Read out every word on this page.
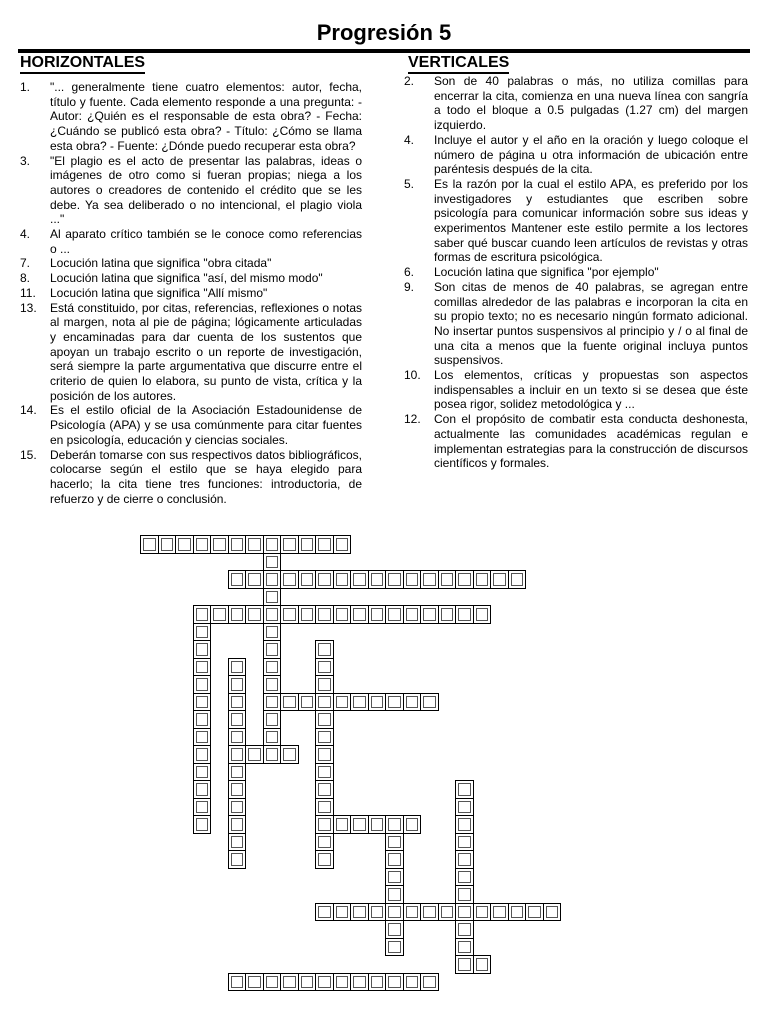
Progresión 5
HORIZONTALES	VERTICALES
1.	"... generalmente tiene cuatro elementos: autor, fecha, título y fuente. Cada elemento responde a una pregunta: - Autor: ¿Quién es el responsable de esta obra? - Fecha: ¿Cuándo se publicó esta obra? - Título: ¿Cómo se llama esta obra? - Fuente: ¿Dónde puedo recuperar esta obra?
3.	"El plagio es el acto de presentar las palabras, ideas o imágenes de otro como si fueran propias; niega a los autores o creadores de contenido el crédito que se les debe. Ya sea deliberado o no intencional, el plagio viola ..."
4.	Al aparato crítico también se le conoce como referencias o ...
7.	Locución latina que significa "obra citada"
8.	Locución latina que significa "así, del mismo modo"
11.	Locución latina que significa "Allí mismo"
13.	Está constituido, por citas, referencias, reflexiones o notas al margen, nota al pie de página; lógicamente articuladas y encaminadas para dar cuenta de los sustentos que apoyan un trabajo escrito o un reporte de investigación, será siempre la parte argumentativa que discurre entre el criterio de quien lo elabora, su punto de vista, crítica y la posición de los autores.
14.	Es el estilo oficial de la Asociación Estadounidense de Psicología (APA) y se usa comúnmente para citar fuentes en psicología, educación y ciencias sociales.
15.	Deberán tomarse con sus respectivos datos bibliográficos, colocarse según el estilo que se haya elegido para hacerlo; la cita tiene tres funciones: introductoria, de refuerzo y de cierre o conclusión.
2.	Son de 40 palabras o más, no utiliza comillas para encerrar la cita, comienza en una nueva línea con sangría a todo el bloque a 0.5 pulgadas (1.27 cm) del margen izquierdo.
4.	Incluye el autor y el año en la oración y luego coloque el número de página u otra información de ubicación entre paréntesis después de la cita.
5.	Es la razón por la cual el estilo APA, es preferido por los investigadores y estudiantes que escriben sobre psicología para comunicar información sobre sus ideas y experimentos Mantener este estilo permite a los lectores saber qué buscar cuando leen artículos de revistas y otras formas de escritura psicológica.
6.	Locución latina que significa "por ejemplo"
9.	Son citas de menos de 40 palabras, se agregan entre comillas alrededor de las palabras e incorporan la cita en su propio texto; no es necesario ningún formato adicional. No insertar puntos suspensivos al principio y / o al final de una cita a menos que la fuente original incluya puntos suspensivos.
10.	Los elementos, críticas y propuestas son aspectos indispensables a incluir en un texto si se desea que éste posea rigor, solidez metodológica y ...
12.	Con el propósito de combatir esta conducta deshonesta, actualmente las comunidades académicas regulan e implementan estrategias para la construcción de discursos científicos y formales.
